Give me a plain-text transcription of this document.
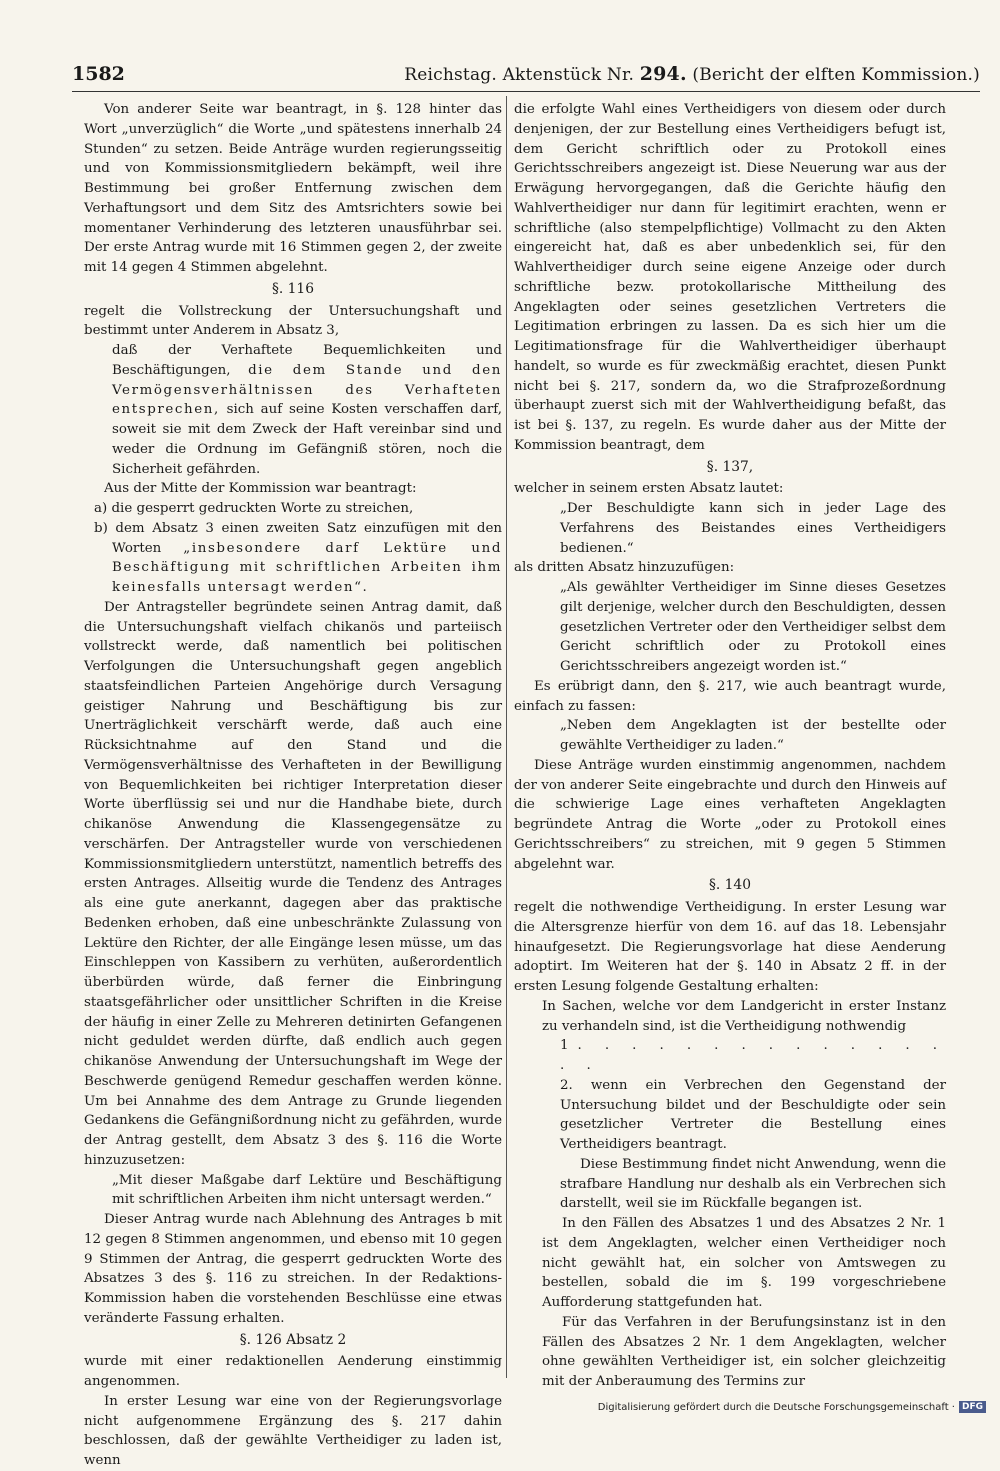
1582	Reichstag. Aktenstück Nr. 294. (Bericht der elften Kommission.)

Von anderer Seite war beantragt, in §. 128 hinter das Wort „unverzüglich“ die Worte „und spätestens innerhalb 24 Stunden“ zu setzen. Beide Anträge wurden regierungsseitig und von Kommissionsmitgliedern bekämpft, weil ihre Bestimmung bei großer Entfernung zwischen dem Verhaftungsort und dem Sitz des Amtsrichters sowie bei momentaner Verhinderung des letzteren unausführbar sei. Der erste Antrag wurde mit 16 Stimmen gegen 2, der zweite mit 14 gegen 4 Stimmen abgelehnt.

§. 116

regelt die Vollstreckung der Untersuchungshaft und bestimmt unter Anderem in Absatz 3,

daß der Verhaftete Bequemlichkeiten und Beschäftigungen, die dem Stande und den Vermögensverhältnissen des Verhafteten entsprechen, sich auf seine Kosten verschaffen darf, soweit sie mit dem Zweck der Haft vereinbar sind und weder die Ordnung im Gefängniß stören, noch die Sicherheit gefährden.

Aus der Mitte der Kommission war beantragt:

a) die gesperrt gedruckten Worte zu streichen,

b) dem Absatz 3 einen zweiten Satz einzufügen mit den Worten „insbesondere darf Lektüre und Beschäftigung mit schriftlichen Arbeiten ihm keinesfalls untersagt werden“.

Der Antragsteller begründete seinen Antrag damit, daß die Untersuchungshaft vielfach chikanös und parteiisch vollstreckt werde, daß namentlich bei politischen Verfolgungen die Untersuchungshaft gegen angeblich staatsfeindlichen Parteien Angehörige durch Versagung geistiger Nahrung und Beschäftigung bis zur Unerträglichkeit verschärft werde, daß auch eine Rücksichtnahme auf den Stand und die Vermögensverhältnisse des Verhafteten in der Bewilligung von Bequemlichkeiten bei richtiger Interpretation dieser Worte überflüssig sei und nur die Handhabe biete, durch chikanöse Anwendung die Klassengegensätze zu verschärfen. Der Antragsteller wurde von verschiedenen Kommissionsmitgliedern unterstützt, namentlich betreffs des ersten Antrages. Allseitig wurde die Tendenz des Antrages als eine gute anerkannt, dagegen aber das praktische Bedenken erhoben, daß eine unbeschränkte Zulassung von Lektüre den Richter, der alle Eingänge lesen müsse, um das Einschleppen von Kassibern zu verhüten, außerordentlich überbürden würde, daß ferner die Einbringung staatsgefährlicher oder unsittlicher Schriften in die Kreise der häufig in einer Zelle zu Mehreren detinirten Gefangenen nicht geduldet werden dürfte, daß endlich auch gegen chikanöse Anwendung der Untersuchungshaft im Wege der Beschwerde genügend Remedur geschaffen werden könne. Um bei Annahme des dem Antrage zu Grunde liegenden Gedankens die Gefängnißordnung nicht zu gefährden, wurde der Antrag gestellt, dem Absatz 3 des §. 116 die Worte hinzuzusetzen:

„Mit dieser Maßgabe darf Lektüre und Beschäftigung mit schriftlichen Arbeiten ihm nicht untersagt werden.“

Dieser Antrag wurde nach Ablehnung des Antrages b mit 12 gegen 8 Stimmen angenommen, und ebenso mit 10 gegen 9 Stimmen der Antrag, die gesperrt gedruckten Worte des Absatzes 3 des §. 116 zu streichen. In der Redaktions-Kommission haben die vorstehenden Beschlüsse eine etwas veränderte Fassung erhalten.

§. 126 Absatz 2

wurde mit einer redaktionellen Aenderung einstimmig angenommen.

In erster Lesung war eine von der Regierungsvorlage nicht aufgenommene Ergänzung des §. 217 dahin beschlossen, daß der gewählte Vertheidiger zu laden ist, wenn

die erfolgte Wahl eines Vertheidigers von diesem oder durch denjenigen, der zur Bestellung eines Vertheidigers befugt ist, dem Gericht schriftlich oder zu Protokoll eines Gerichtsschreibers angezeigt ist. Diese Neuerung war aus der Erwägung hervorgegangen, daß die Gerichte häufig den Wahlvertheidiger nur dann für legitimirt erachten, wenn er schriftliche (also stempelpflichtige) Vollmacht zu den Akten eingereicht hat, daß es aber unbedenklich sei, für den Wahlvertheidiger durch seine eigene Anzeige oder durch schriftliche bezw. protokollarische Mittheilung des Angeklagten oder seines gesetzlichen Vertreters die Legitimation erbringen zu lassen. Da es sich hier um die Legitimationsfrage für die Wahlvertheidiger überhaupt handelt, so wurde es für zweckmäßig erachtet, diesen Punkt nicht bei §. 217, sondern da, wo die Strafprozeßordnung überhaupt zuerst sich mit der Wahlvertheidigung befaßt, das ist bei §. 137, zu regeln. Es wurde daher aus der Mitte der Kommission beantragt, dem

§. 137,

welcher in seinem ersten Absatz lautet:

„Der Beschuldigte kann sich in jeder Lage des Verfahrens des Beistandes eines Vertheidigers bedienen.“

als dritten Absatz hinzuzufügen:

„Als gewählter Vertheidiger im Sinne dieses Gesetzes gilt derjenige, welcher durch den Beschuldigten, dessen gesetzlichen Vertreter oder den Vertheidiger selbst dem Gericht schriftlich oder zu Protokoll eines Gerichtsschreibers angezeigt worden ist.“

Es erübrigt dann, den §. 217, wie auch beantragt wurde, einfach zu fassen:

„Neben dem Angeklagten ist der bestellte oder gewählte Vertheidiger zu laden.“

Diese Anträge wurden einstimmig angenommen, nachdem der von anderer Seite eingebrachte und durch den Hinweis auf die schwierige Lage eines verhafteten Angeklagten begründete Antrag die Worte „oder zu Protokoll eines Gerichtsschreibers“ zu streichen, mit 9 gegen 5 Stimmen abgelehnt war.

§. 140

regelt die nothwendige Vertheidigung. In erster Lesung war die Altersgrenze hierfür von dem 16. auf das 18. Lebensjahr hinaufgesetzt. Die Regierungsvorlage hat diese Aenderung adoptirt. Im Weiteren hat der §. 140 in Absatz 2 ff. in der ersten Lesung folgende Gestaltung erhalten:

In Sachen, welche vor dem Landgericht in erster Instanz zu verhandeln sind, ist die Vertheidigung nothwendig

1. . . . . . . . . . . . . . . .

2. wenn ein Verbrechen den Gegenstand der Untersuchung bildet und der Beschuldigte oder sein gesetzlicher Vertreter die Bestellung eines Vertheidigers beantragt.

Diese Bestimmung findet nicht Anwendung, wenn die strafbare Handlung nur deshalb als ein Verbrechen sich darstellt, weil sie im Rückfalle begangen ist.

In den Fällen des Absatzes 1 und des Absatzes 2 Nr. 1 ist dem Angeklagten, welcher einen Vertheidiger noch nicht gewählt hat, ein solcher von Amtswegen zu bestellen, sobald die im §. 199 vorgeschriebene Aufforderung stattgefunden hat.

Für das Verfahren in der Berufungsinstanz ist in den Fällen des Absatzes 2 Nr. 1 dem Angeklagten, welcher ohne gewählten Vertheidiger ist, ein solcher gleichzeitig mit der Anberaumung des Termins zur

Digitalisierung gefördert durch die Deutsche Forschungsgemeinschaft · DFG
